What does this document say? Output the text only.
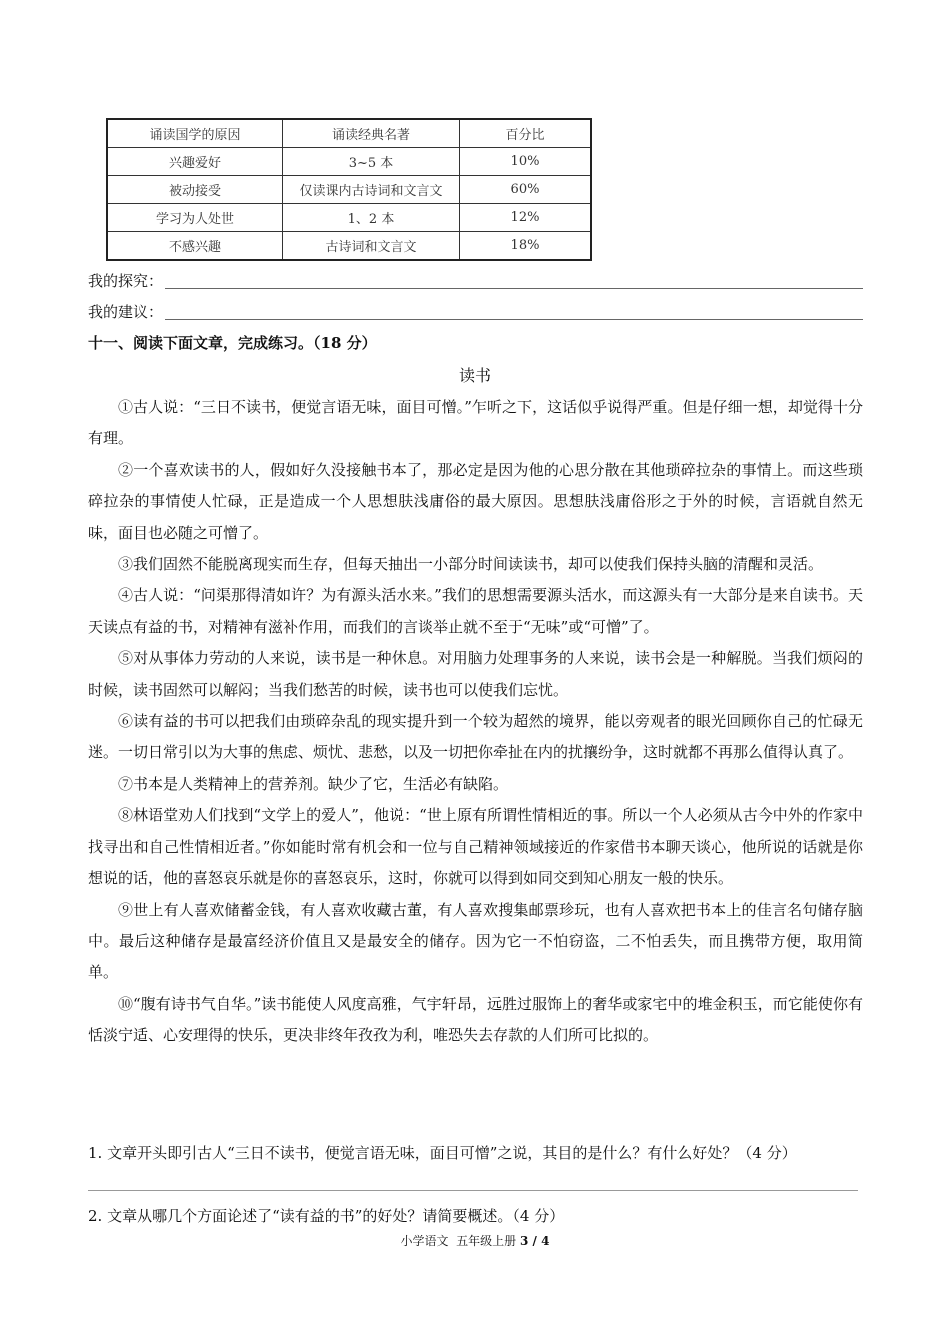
诵读国学的原因	诵读经典名著	百分比
兴趣爱好	3~5 本	10%
被动接受	仅读课内古诗词和文言文	60%
学习为人处世	1、2 本	12%
不感兴趣	古诗词和文言文	18%
我的探究：
我的建议：
十一、阅读下面文章，完成练习。（18 分）
读书

①古人说：“三日不读书，便觉言语无味，面目可憎。”乍听之下，这话似乎说得严重。但是仔细一想，却觉得十分有理。

②一个喜欢读书的人，假如好久没接触书本了，那必定是因为他的心思分散在其他琐碎拉杂的事情上。而这些琐碎拉杂的事情使人忙碌，正是造成一个人思想肤浅庸俗的最大原因。思想肤浅庸俗形之于外的时候，言语就自然无味，面目也必随之可憎了。

③我们固然不能脱离现实而生存，但每天抽出一小部分时间读读书，却可以使我们保持头脑的清醒和灵活。

④古人说：“问渠那得清如许？为有源头活水来。”我们的思想需要源头活水，而这源头有一大部分是来自读书。天天读点有益的书，对精神有滋补作用，而我们的言谈举止就不至于“无味”或“可憎”了。

⑤对从事体力劳动的人来说，读书是一种休息。对用脑力处理事务的人来说，读书会是一种解脱。当我们烦闷的时候，读书固然可以解闷；当我们愁苦的时候，读书也可以使我们忘忧。

⑥读有益的书可以把我们由琐碎杂乱的现实提升到一个较为超然的境界，能以旁观者的眼光回顾你自己的忙碌无迷。一切日常引以为大事的焦虑、烦忧、悲愁，以及一切把你牵扯在内的扰攘纷争，这时就都不再那么值得认真了。

⑦书本是人类精神上的营养剂。缺少了它，生活必有缺陷。

⑧林语堂劝人们找到“文学上的爱人”，他说：“世上原有所谓性情相近的事。所以一个人必须从古今中外的作家中找寻出和自己性情相近者。”你如能时常有机会和一位与自己精神领域接近的作家借书本聊天谈心，他所说的话就是你想说的话，他的喜怒哀乐就是你的喜怒哀乐，这时，你就可以得到如同交到知心朋友一般的快乐。

⑨世上有人喜欢储蓄金钱，有人喜欢收藏古董，有人喜欢搜集邮票珍玩，也有人喜欢把书本上的佳言名句储存脑中。最后这种储存是最富经济价值且又是最安全的储存。因为它一不怕窃盗，二不怕丢失，而且携带方便，取用简单。

⑩“腹有诗书气自华。”读书能使人风度高雅，气宇轩昂，远胜过服饰上的奢华或家宅中的堆金积玉，而它能使你有恬淡宁适、心安理得的快乐，更决非终年孜孜为利，唯恐失去存款的人们所可比拟的。

1. 文章开头即引古人“三日不读书，便觉言语无味，面目可憎”之说，其目的是什么？有什么好处？（4 分）
2. 文章从哪几个方面论述了“读有益的书”的好处？请简要概述。（4 分）
小学语文  五年级上册 3 / 4
